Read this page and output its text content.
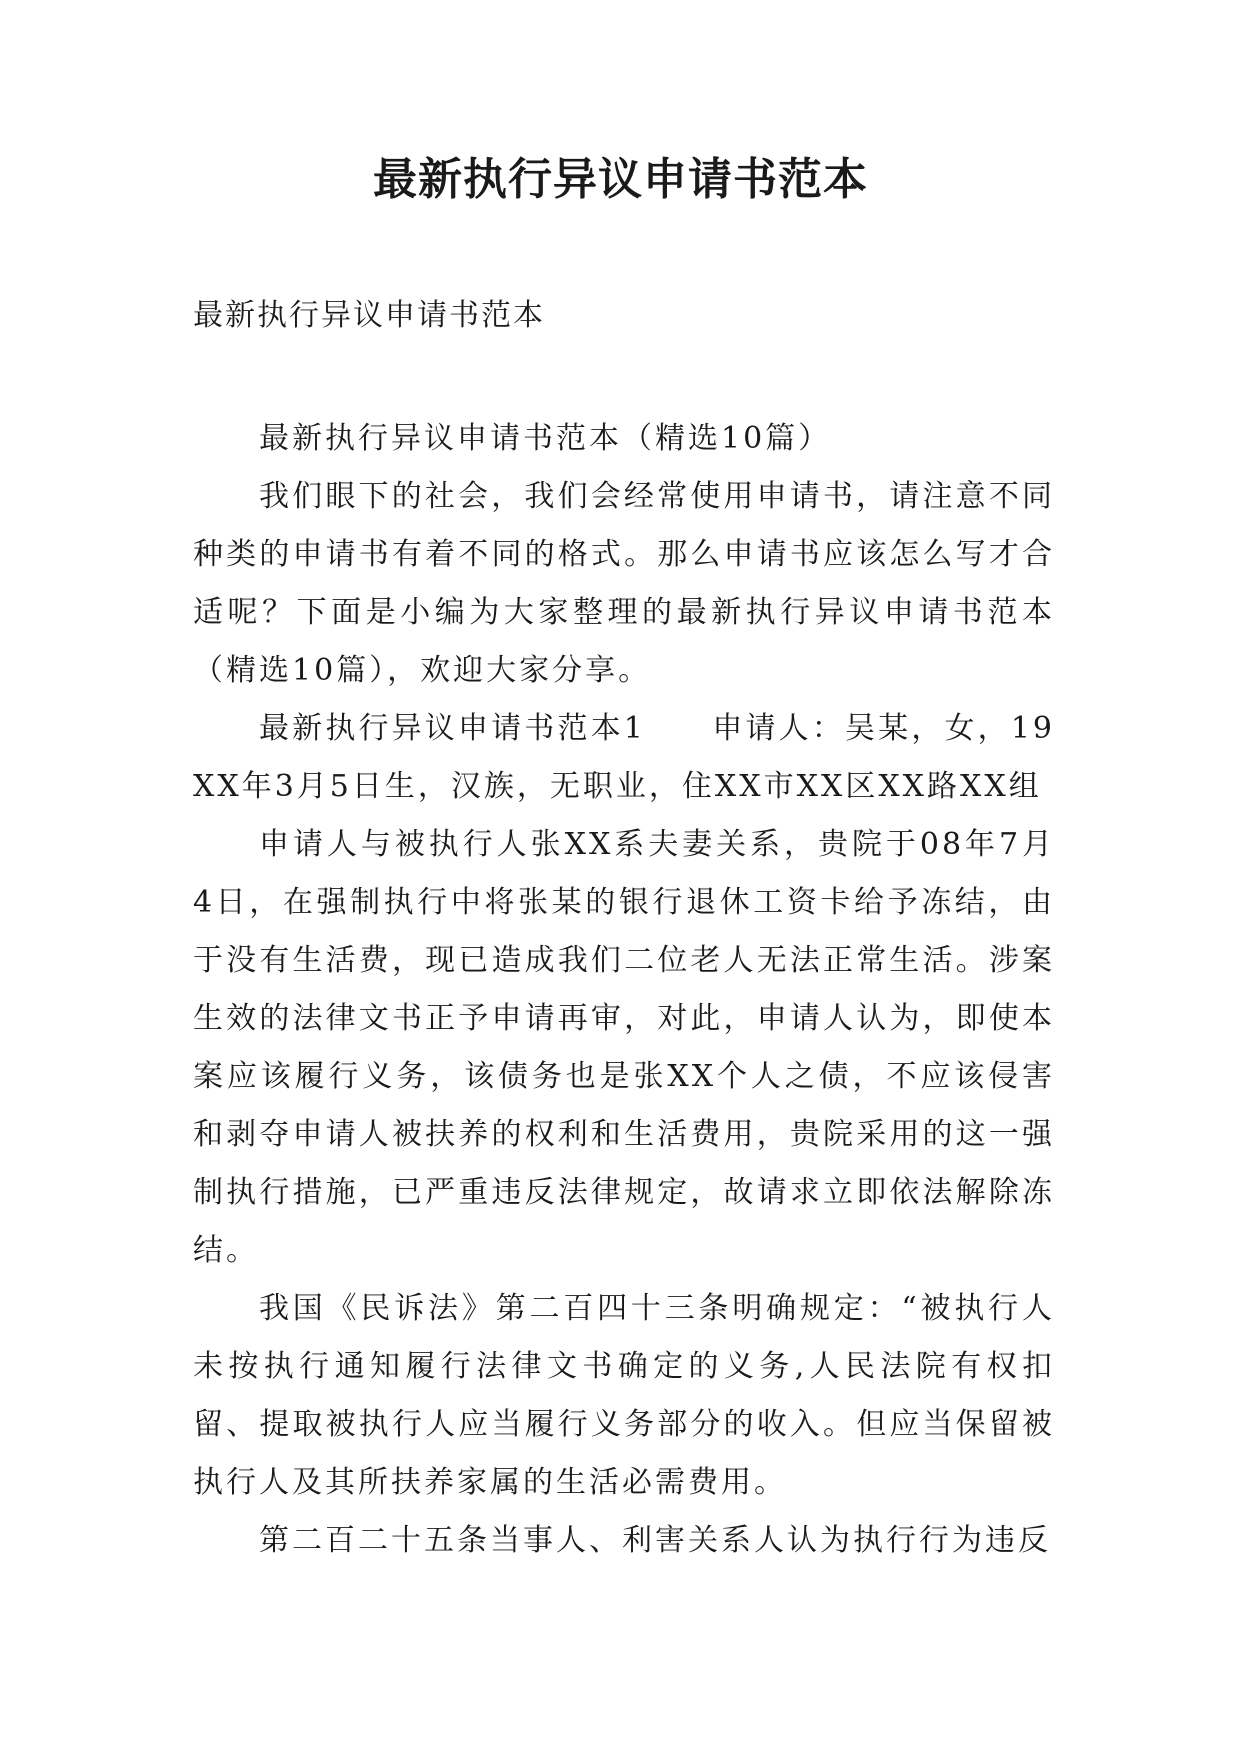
最新执行异议申请书范本
最新执行异议申请书范本

最新执行异议申请书范本（精选10篇）

我们眼下的社会，我们会经常使用申请书，请注意不同种类的申请书有着不同的格式。那么申请书应该怎么写才合适呢？下面是小编为大家整理的最新执行异议申请书范本（精选10篇），欢迎大家分享。

最新执行异议申请书范本1　　申请人：吴某，女，19XX年3月5日生，汉族，无职业，住XX市XX区XX路XX组

申请人与被执行人张XX系夫妻关系，贵院于08年7月4日，在强制执行中将张某的银行退休工资卡给予冻结，由于没有生活费，现已造成我们二位老人无法正常生活。涉案生效的法律文书正予申请再审，对此，申请人认为，即使本案应该履行义务，该债务也是张XX个人之债，不应该侵害和剥夺申请人被扶养的权利和生活费用，贵院采用的这一强制执行措施，已严重违反法律规定，故请求立即依法解除冻结。

我国《民诉法》第二百四十三条明确规定：“被执行人未按执行通知履行法律文书确定的义务,人民法院有权扣留、提取被执行人应当履行义务部分的收入。但应当保留被执行人及其所扶养家属的生活必需费用。

第二百二十五条当事人、利害关系人认为执行行为违反
